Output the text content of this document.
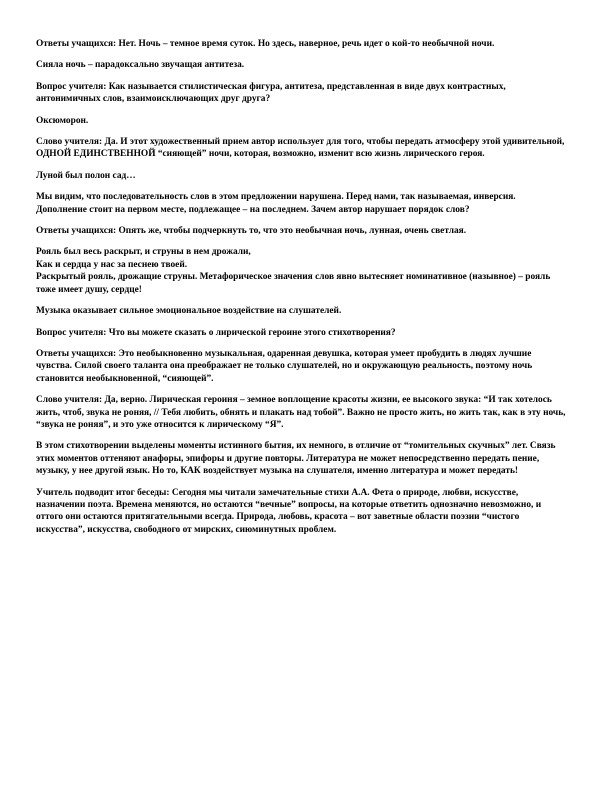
Ответы учащихся: Нет. Ночь – темное время суток. Но здесь, наверное, речь идет о кой-то необычной ночи.

Сияла ночь – парадоксально звучащая антитеза.

Вопрос учителя: Как называется стилистическая фигура, антитеза, представленная в виде двух контрастных, антонимичных слов, взаимоисключающих друг друга?

Оксюморон.

Слово учителя: Да. И этот художественный прием автор использует для того, чтобы передать атмосферу этой удивительной, ОДНОЙ ЕДИНСТВЕННОЙ “сияющей” ночи, которая, возможно, изменит всю жизнь лирического героя.

Луной был полон сад…

Мы видим, что последовательность слов в этом предложении нарушена. Перед нами, так называемая, инверсия. Дополнение стоит на первом месте, подлежащее – на последнем. Зачем автор нарушает порядок слов?

Ответы учащихся: Опять же, чтобы подчеркнуть то, что это необычная ночь, лунная, очень светлая.

Рояль был весь раскрыт, и струны в нем дрожали,
Как и сердца у нас за песнею твоей.
Раскрытый рояль, дрожащие струны. Метафорическое значения слов явно вытесняет номинативное (назывное) – рояль тоже имеет душу, сердце!

Музыка оказывает сильное эмоциональное воздействие на слушателей.

Вопрос учителя: Что вы можете сказать о лирической героине этого стихотворения?

Ответы учащихся: Это необыкновенно музыкальная, одаренная девушка, которая умеет пробудить в людях лучшие чувства. Силой своего таланта она преображает не только слушателей, но и окружающую реальность, поэтому ночь становится необыкновенной, “сияющей”.

Слово учителя: Да, верно. Лирическая героиня – земное воплощение красоты жизни, ее высокого звука: “И так хотелось жить, чтоб, звука не роняя, // Тебя любить, обнять и плакать над тобой”. Важно не просто жить, но жить так, как в эту ночь, “звука не роняя”, и это уже относится к лирическому “Я”.

В этом стихотворении выделены моменты истинного бытия, их немного, в отличие от “томительных скучных” лет. Связь этих моментов оттеняют анафоры, эпифоры и другие повторы. Литература не может непосредственно передать пение, музыку, у нее другой язык. Но то, КАК воздействует музыка на слушателя, именно литература и может передать!

Учитель подводит итог беседы: Сегодня мы читали замечательные стихи А.А. Фета о природе, любви, искусстве, назначении поэта. Времена меняются, но остаются “вечные” вопросы, на которые ответить однозначно невозможно, и оттого они остаются притягательными всегда. Природа, любовь, красота – вот заветные области поэзии “чистого искусства”, искусства, свободного от мирских, сиюминутных проблем.
